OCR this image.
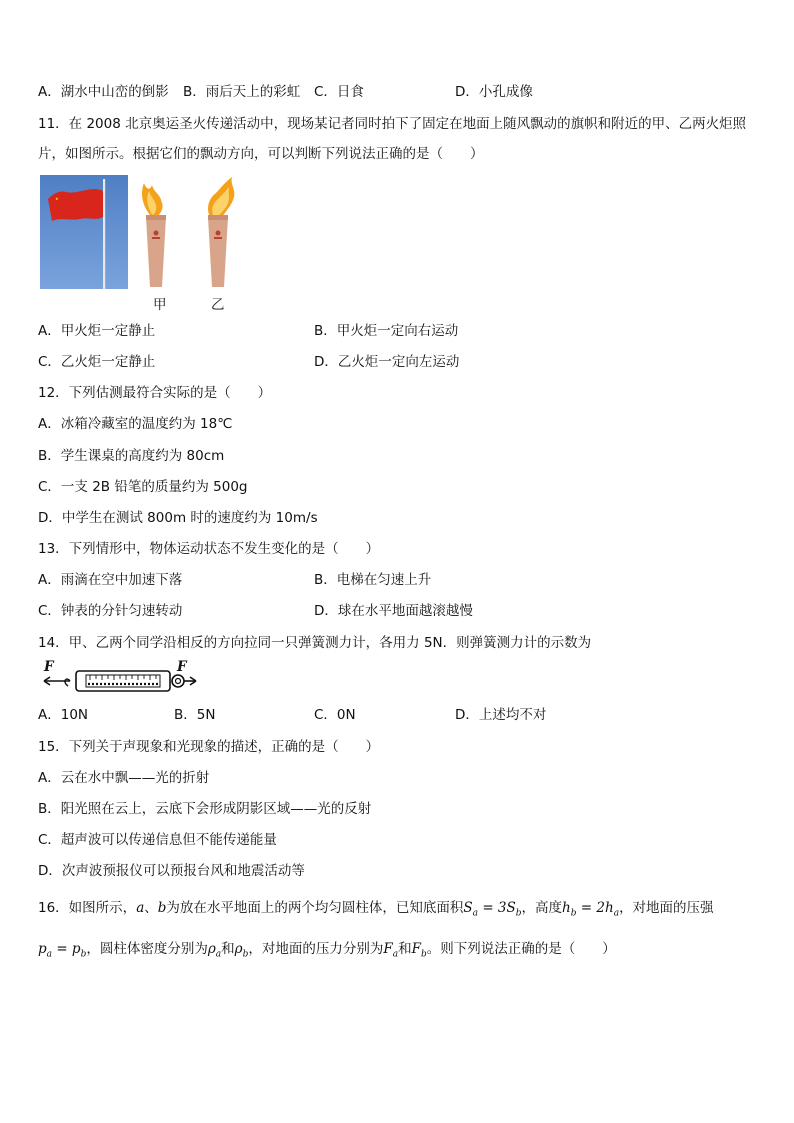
A．湖水中山峦的倒影 B．雨后天上的彩虹 C．日食	D．小孔成像
11．在 2008 北京奥运圣火传递活动中，现场某记者同时拍下了固定在地面上随风飘动的旗帜和附近的甲、乙两火炬照
片，如图所示。根据它们的飘动方向，可以判断下列说法正确的是（　　）
甲	乙
A．甲火炬一定静止	B．甲火炬一定向右运动
C．乙火炬一定静止	D．乙火炬一定向左运动
12．下列估测最符合实际的是（　　）
A．冰箱冷藏室的温度约为 18℃
B．学生课桌的高度约为 80cm
C．一支 2B 铅笔的质量约为 500g
D．中学生在测试 800m 时的速度约为 10m/s
13．下列情形中，物体运动状态不发生变化的是（　　）
A．雨滴在空中加速下落	B．电梯在匀速上升
C．钟表的分针匀速转动	D．球在水平地面越滚越慢
14．甲、乙两个同学沿相反的方向拉同一只弹簧测力计，各用力 5N．则弹簧测力计的示数为
F	F
A．10N	B．5N	C．0N	D．上述均不对
15．下列关于声现象和光现象的描述，正确的是（　　）
A．云在水中飘——光的折射
B．阳光照在云上，云底下会形成阴影区域——光的反射
C．超声波可以传递信息但不能传递能量
D．次声波预报仪可以预报台风和地震活动等
16．如图所示，a、b为放在水平地面上的两个均匀圆柱体，已知底面积$S_a = 3S_b$，高度$h_b = 2h_a$，对地面的压强
$p_a = p_b$，圆柱体密度分别为$\rho_a$和$\rho_b$，对地面的压力分别为$F_a$和$F_b$。则下列说法正确的是（　　）
